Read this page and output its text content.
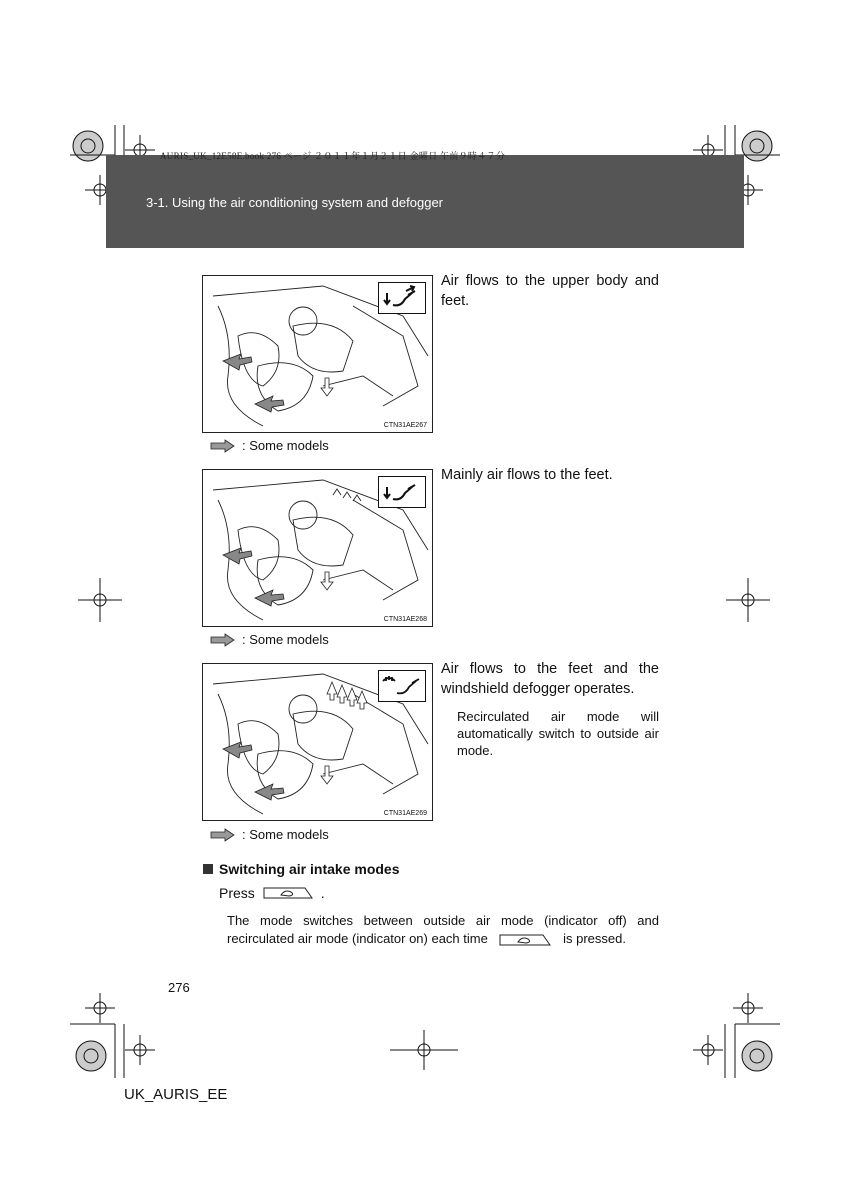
AURIS_UK_12E58E.book 276 ページ ２０１１年１月２１日 金曜日 午前９時４７分
3-1. Using the air conditioning system and defogger
CTN31AE267
: Some models
Air flows to the upper body and feet.
CTN31AE268
: Some models
Mainly air flows to the feet.
CTN31AE269
: Some models
Air flows to the feet and the windshield defogger operates.
Recirculated air mode will automatically switch to outside air mode.
Switching air intake modes
Press	.
The mode switches between outside air mode (indicator off) and recirculated air mode (indicator on) each time	is pressed.
276
UK_AURIS_EE
